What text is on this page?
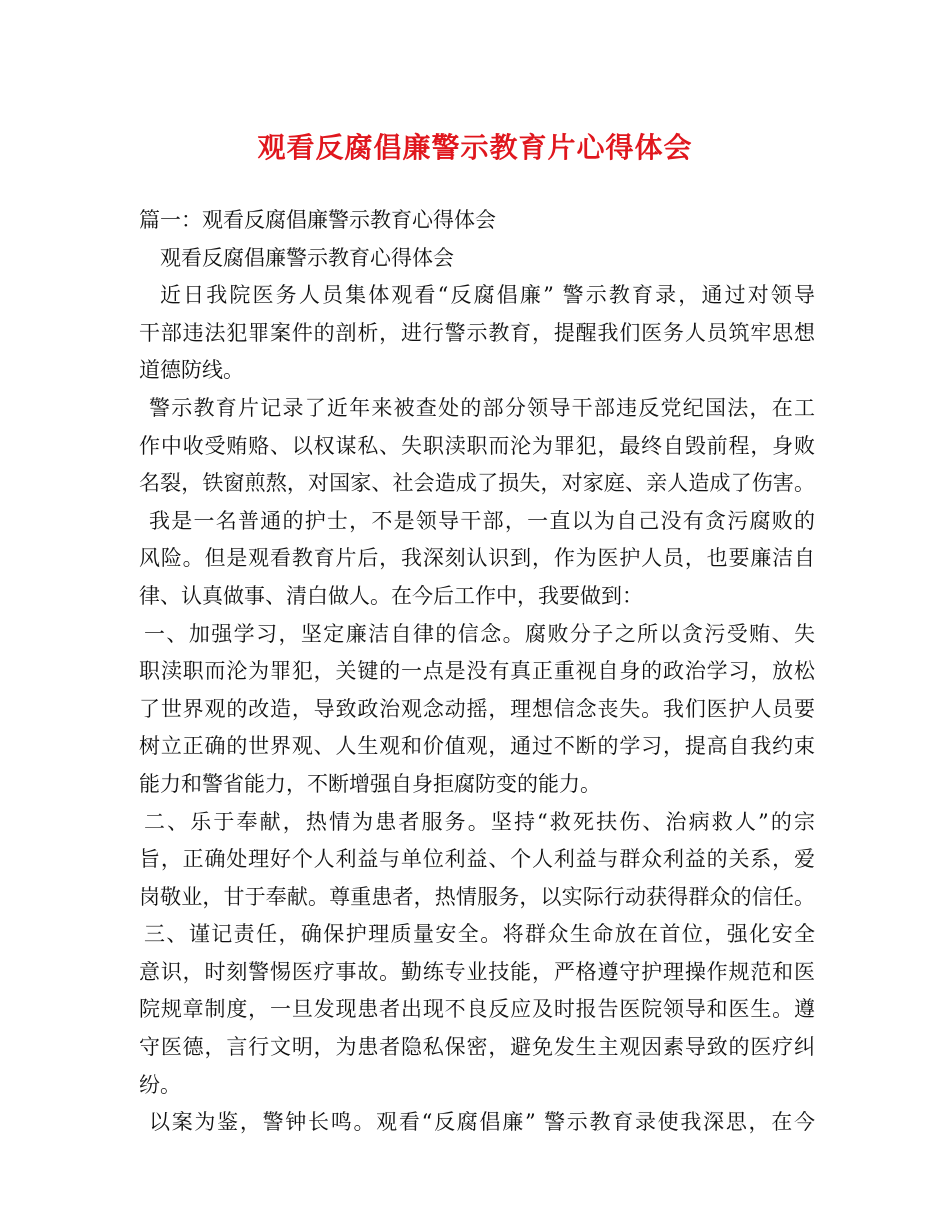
观看反腐倡廉警示教育片心得体会
篇一：观看反腐倡廉警示教育心得体会
观看反腐倡廉警示教育心得体会
近日我院医务人员集体观看“反腐倡廉” 警示教育录，通过对领导
干部违法犯罪案件的剖析，进行警示教育，提醒我们医务人员筑牢思想
道德防线。
警示教育片记录了近年来被查处的部分领导干部违反党纪国法，在工
作中收受贿赂、以权谋私、失职渎职而沦为罪犯，最终自毁前程，身败
名裂，铁窗煎熬，对国家、社会造成了损失，对家庭、亲人造成了伤害。
我是一名普通的护士，不是领导干部，一直以为自己没有贪污腐败的
风险。但是观看教育片后，我深刻认识到，作为医护人员，也要廉洁自
律、认真做事、清白做人。在今后工作中，我要做到：
一、加强学习，坚定廉洁自律的信念。腐败分子之所以贪污受贿、失
职渎职而沦为罪犯，关键的一点是没有真正重视自身的政治学习，放松
了世界观的改造，导致政治观念动摇，理想信念丧失。我们医护人员要
树立正确的世界观、人生观和价值观，通过不断的学习，提高自我约束
能力和警省能力，不断增强自身拒腐防变的能力。
二、乐于奉献，热情为患者服务。坚持“救死扶伤、治病救人”的宗
旨，正确处理好个人利益与单位利益、个人利益与群众利益的关系，爱
岗敬业，甘于奉献。尊重患者，热情服务，以实际行动获得群众的信任。
三、谨记责任，确保护理质量安全。将群众生命放在首位，强化安全
意识，时刻警惕医疗事故。勤练专业技能，严格遵守护理操作规范和医
院规章制度，一旦发现患者出现不良反应及时报告医院领导和医生。遵
守医德，言行文明，为患者隐私保密，避免发生主观因素导致的医疗纠
纷。
以案为鉴，警钟长鸣。观看“反腐倡廉” 警示教育录使我深思，在今
